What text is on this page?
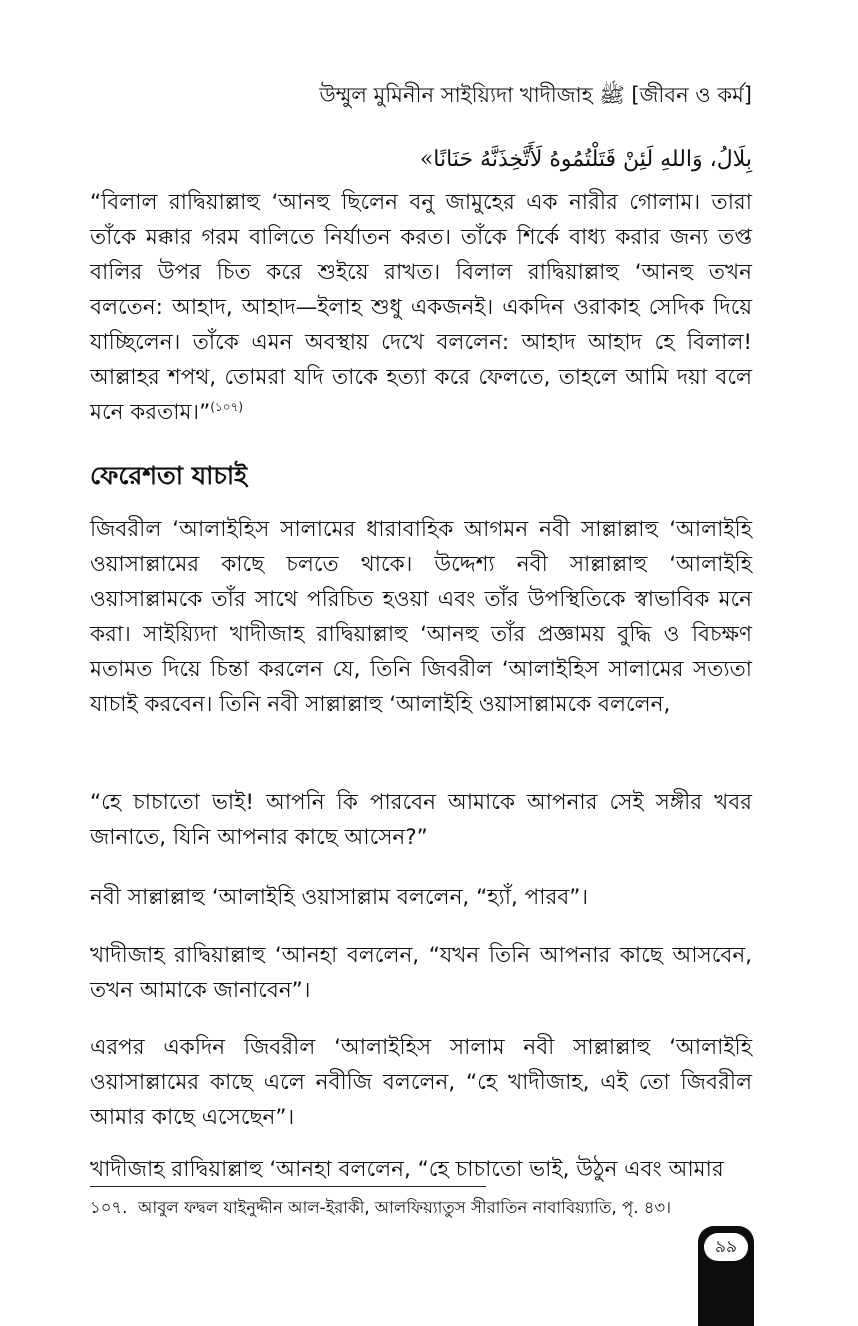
উম্মুল মুমিনীন সাইয়্যিদা খাদীজাহ ﷺ [জীবন ও কর্ম]
بِلَالُ، وَاللهِ لَئِنْ قَتَلْتُمُوهُ لَأَتَّخِذَنَّهُ حَنَانًا»

“বিলাল রাদ্বিয়াল্লাহু ‘আনহু ছিলেন বনু জামুহের এক নারীর গোলাম। তারা তাঁকে মক্কার গরম বালিতে নির্যাতন করত। তাঁকে শির্কে বাধ্য করার জন্য তপ্ত বালির উপর চিত করে শুইয়ে রাখত। বিলাল রাদ্বিয়াল্লাহু ‘আনহু তখন বলতেন: আহাদ, আহাদ—ইলাহ শুধু একজনই। একদিন ওরাকাহ সেদিক দিয়ে যাচ্ছিলেন। তাঁকে এমন অবস্থায় দেখে বললেন: আহাদ আহাদ হে বিলাল! আল্লাহর শপথ, তোমরা যদি তাকে হত্যা করে ফেলতে, তাহলে আমি দয়া বলে মনে করতাম।”$^{(১০৭)}$

ফেরেশতা যাচাই

জিবরীল ‘আলাইহিস সালামের ধারাবাহিক আগমন নবী সাল্লাল্লাহু ‘আলাইহি ওয়াসাল্লামের কাছে চলতে থাকে। উদ্দেশ্য নবী সাল্লাল্লাহু ‘আলাইহি ওয়াসাল্লামকে তাঁর সাথে পরিচিত হওয়া এবং তাঁর উপস্থিতিকে স্বাভাবিক মনে করা। সাইয়্যিদা খাদীজাহ রাদ্বিয়াল্লাহু ‘আনহু তাঁর প্রজ্ঞাময় বুদ্ধি ও বিচক্ষণ মতামত দিয়ে চিন্তা করলেন যে, তিনি জিবরীল ‘আলাইহিস সালামের সত্যতা যাচাই করবেন। তিনি নবী সাল্লাল্লাহু ‘আলাইহি ওয়াসাল্লামকে বললেন,

“হে চাচাতো ভাই! আপনি কি পারবেন আমাকে আপনার সেই সঙ্গীর খবর জানাতে, যিনি আপনার কাছে আসেন?”

নবী সাল্লাল্লাহু ‘আলাইহি ওয়াসাল্লাম বললেন, “হ্যাঁ, পারব”।

খাদীজাহ রাদ্বিয়াল্লাহু ‘আনহা বললেন, “যখন তিনি আপনার কাছে আসবেন, তখন আমাকে জানাবেন”।

এরপর একদিন জিবরীল ‘আলাইহিস সালাম নবী সাল্লাল্লাহু ‘আলাইহি ওয়াসাল্লামের কাছে এলে নবীজি বললেন, “হে খাদীজাহ, এই তো জিবরীল আমার কাছে এসেছেন”।

খাদীজাহ রাদ্বিয়াল্লাহু ‘আনহা বললেন, “হে চাচাতো ভাই, উঠুন এবং আমার

১০৭. আবুল ফদ্বল যাইনুদ্দীন আল-ইরাকী, আলফিয়্যাতুস সীরাতিন নাবাবিয়্যাতি, পৃ. ৪৩।
৯৯
